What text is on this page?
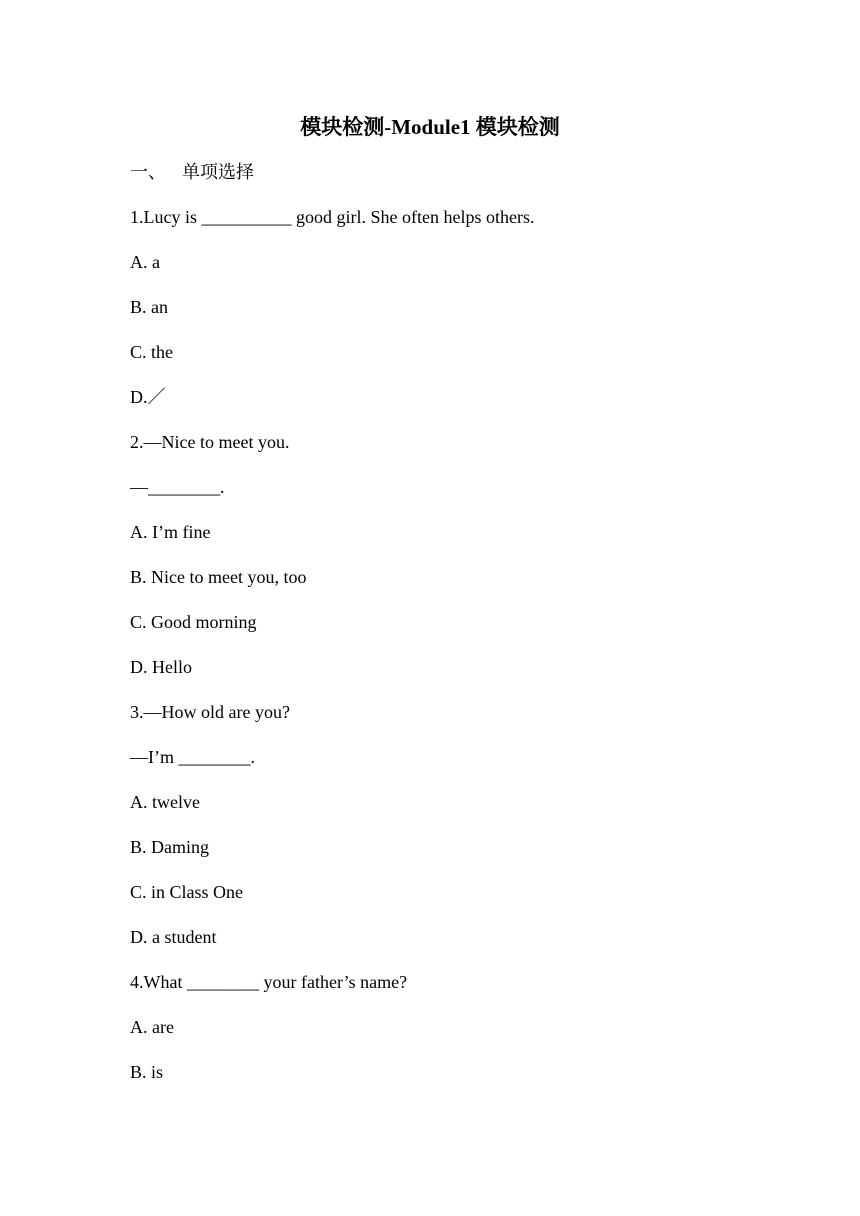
模块检测-Module1 模块检测
一、 单项选择
1.Lucy is __________ good girl. She often helps others.
A. a
B. an
C. the
D.／
2.—Nice to meet you.
—________.
A. I’m fine
B. Nice to meet you, too
C. Good morning
D. Hello
3.—How old are you?
—I’m ________.
A. twelve
B. Daming
C. in Class One
D. a student
4.What ________ your father’s name?
A. are
B. is
